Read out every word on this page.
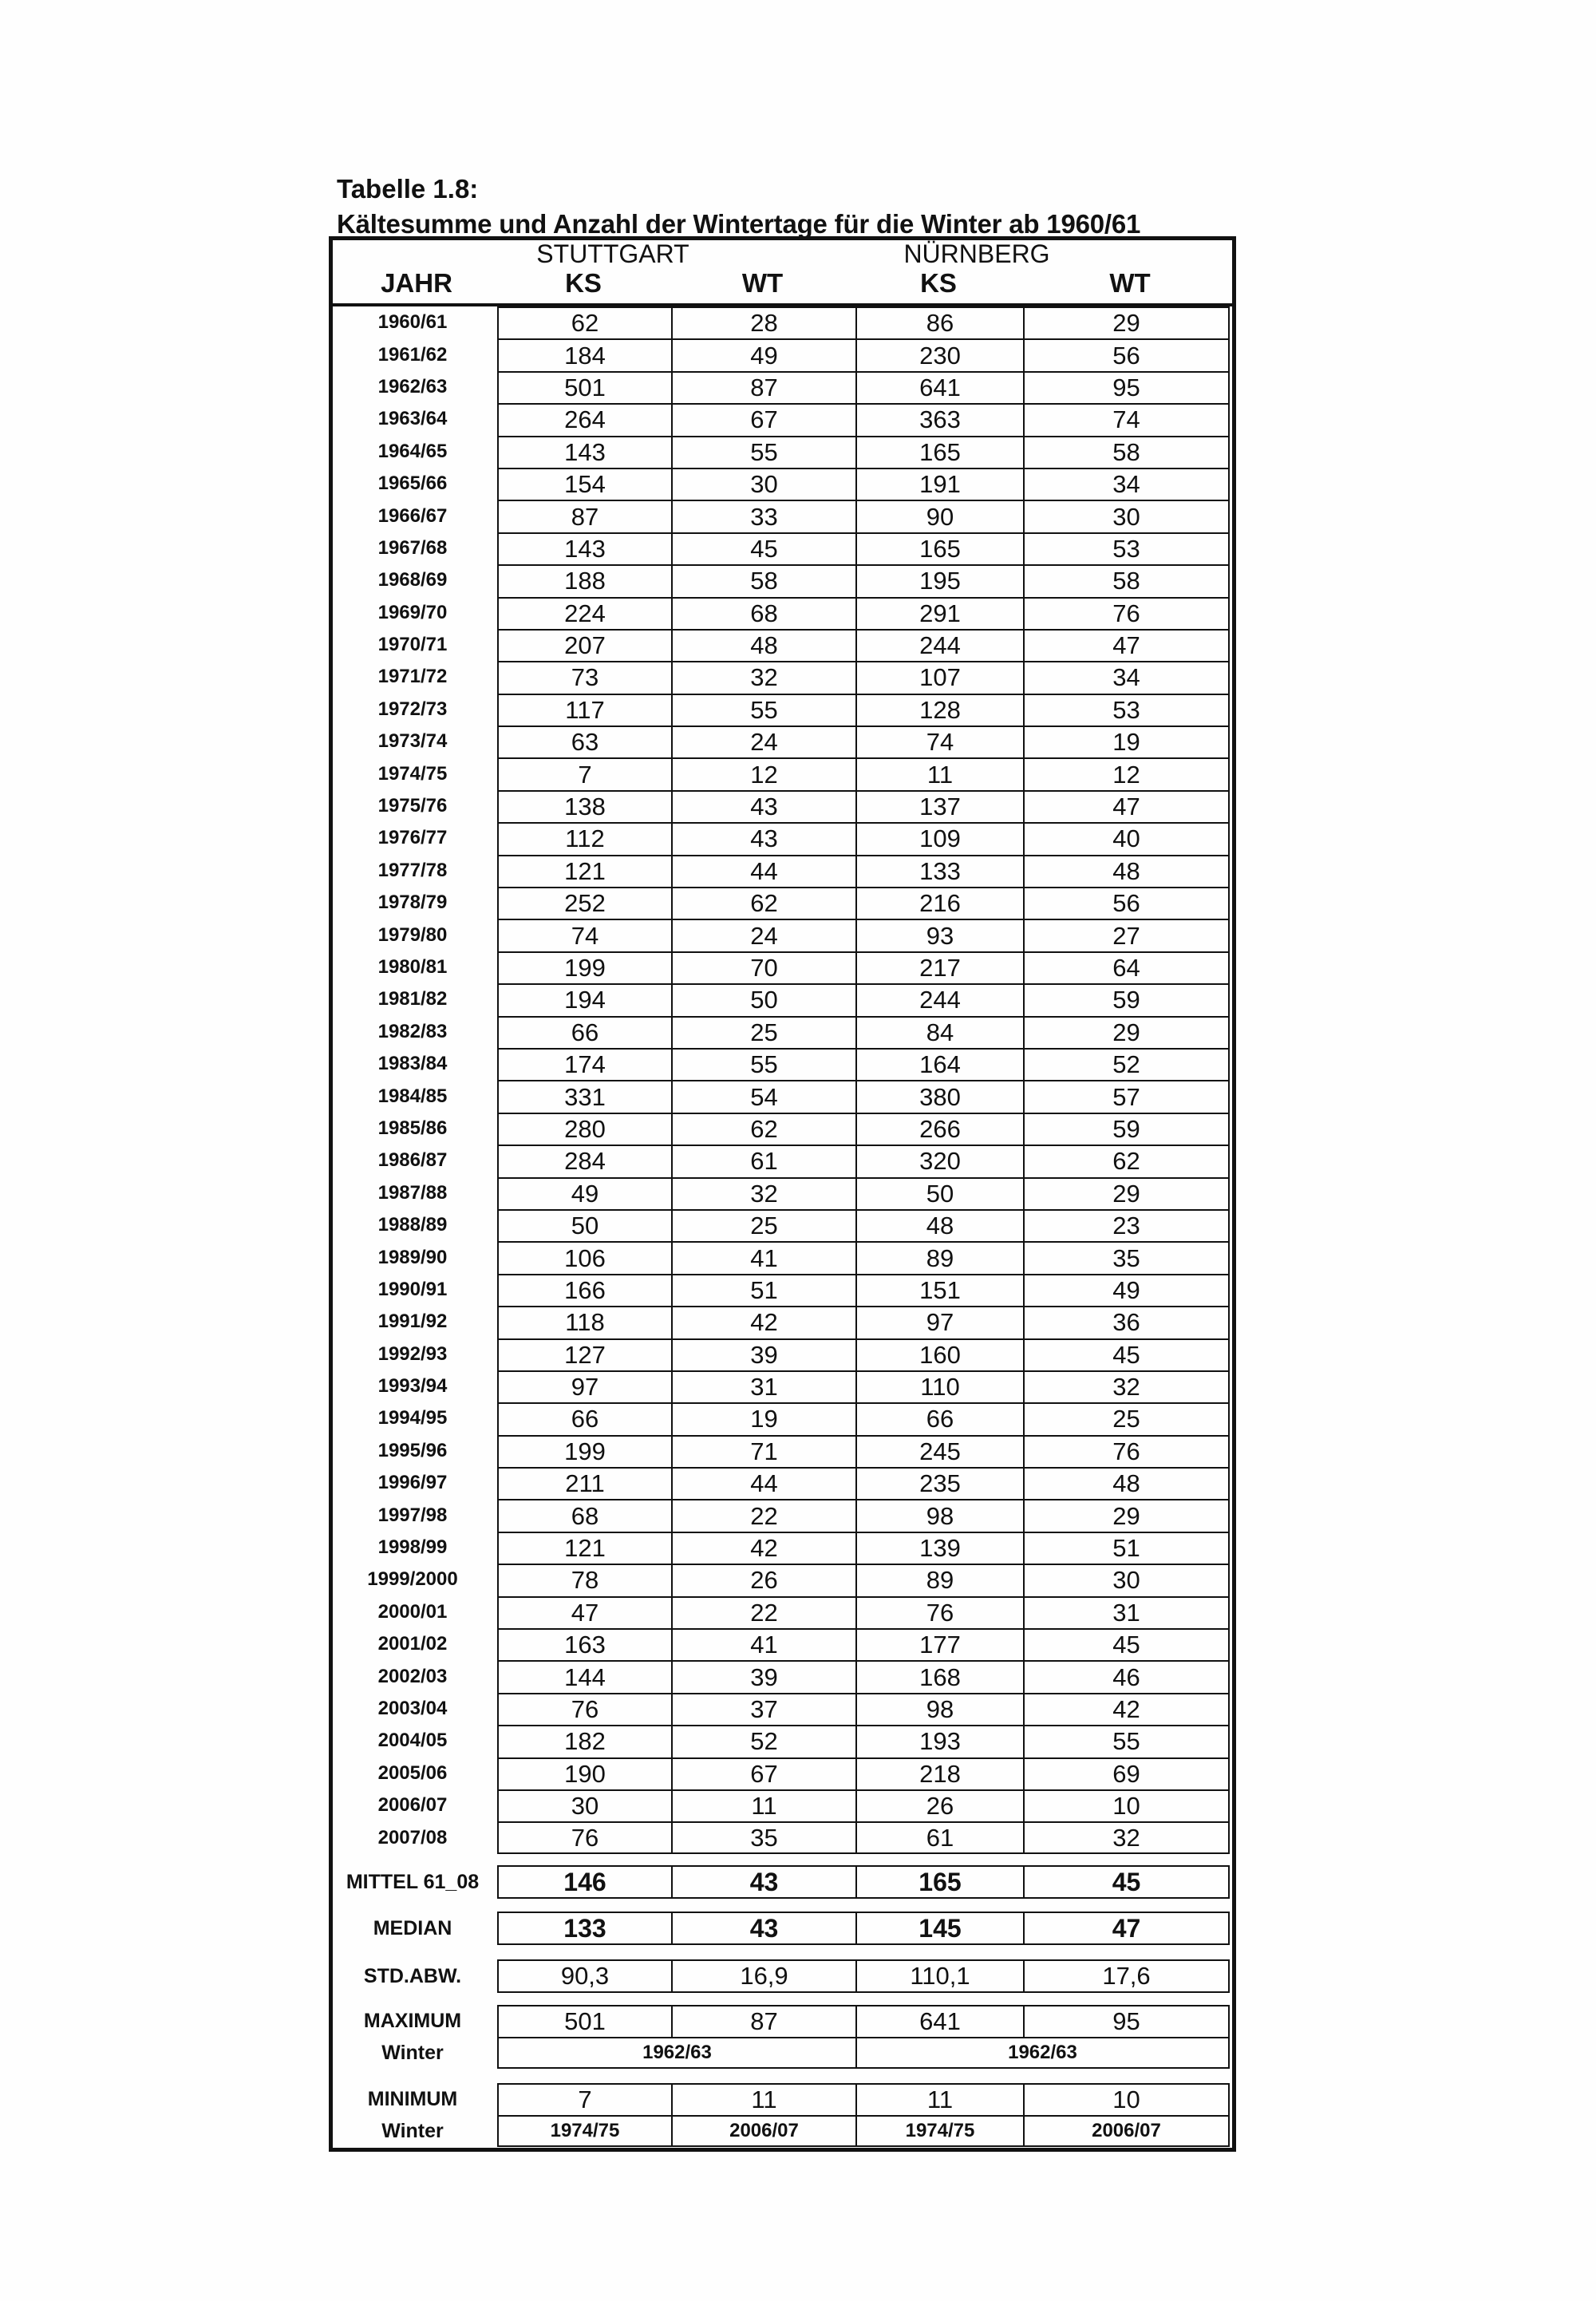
Tabelle 1.8:
Kältesumme und Anzahl der Wintertage für die Winter ab 1960/61
STUTTGART	NÜRNBERG
JAHR	KS	WT	KS	WT
1960/61	62	28	86	29
1961/62	184	49	230	56
1962/63	501	87	641	95
1963/64	264	67	363	74
1964/65	143	55	165	58
1965/66	154	30	191	34
1966/67	87	33	90	30
1967/68	143	45	165	53
1968/69	188	58	195	58
1969/70	224	68	291	76
1970/71	207	48	244	47
1971/72	73	32	107	34
1972/73	117	55	128	53
1973/74	63	24	74	19
1974/75	7	12	11	12
1975/76	138	43	137	47
1976/77	112	43	109	40
1977/78	121	44	133	48
1978/79	252	62	216	56
1979/80	74	24	93	27
1980/81	199	70	217	64
1981/82	194	50	244	59
1982/83	66	25	84	29
1983/84	174	55	164	52
1984/85	331	54	380	57
1985/86	280	62	266	59
1986/87	284	61	320	62
1987/88	49	32	50	29
1988/89	50	25	48	23
1989/90	106	41	89	35
1990/91	166	51	151	49
1991/92	118	42	97	36
1992/93	127	39	160	45
1993/94	97	31	110	32
1994/95	66	19	66	25
1995/96	199	71	245	76
1996/97	211	44	235	48
1997/98	68	22	98	29
1998/99	121	42	139	51
1999/2000	78	26	89	30
2000/01	47	22	76	31
2001/02	163	41	177	45
2002/03	144	39	168	46
2003/04	76	37	98	42
2004/05	182	52	193	55
2005/06	190	67	218	69
2006/07	30	11	26	10
2007/08	76	35	61	32
MITTEL 61_08	146	43	165	45
MEDIAN	133	43	145	47
STD.ABW.	90,3	16,9	110,1	17,6
MAXIMUM	501	87	641	95
Winter	1962/63	1962/63
MINIMUM	7	11	11	10
Winter	1974/75	2006/07	1974/75	2006/07
